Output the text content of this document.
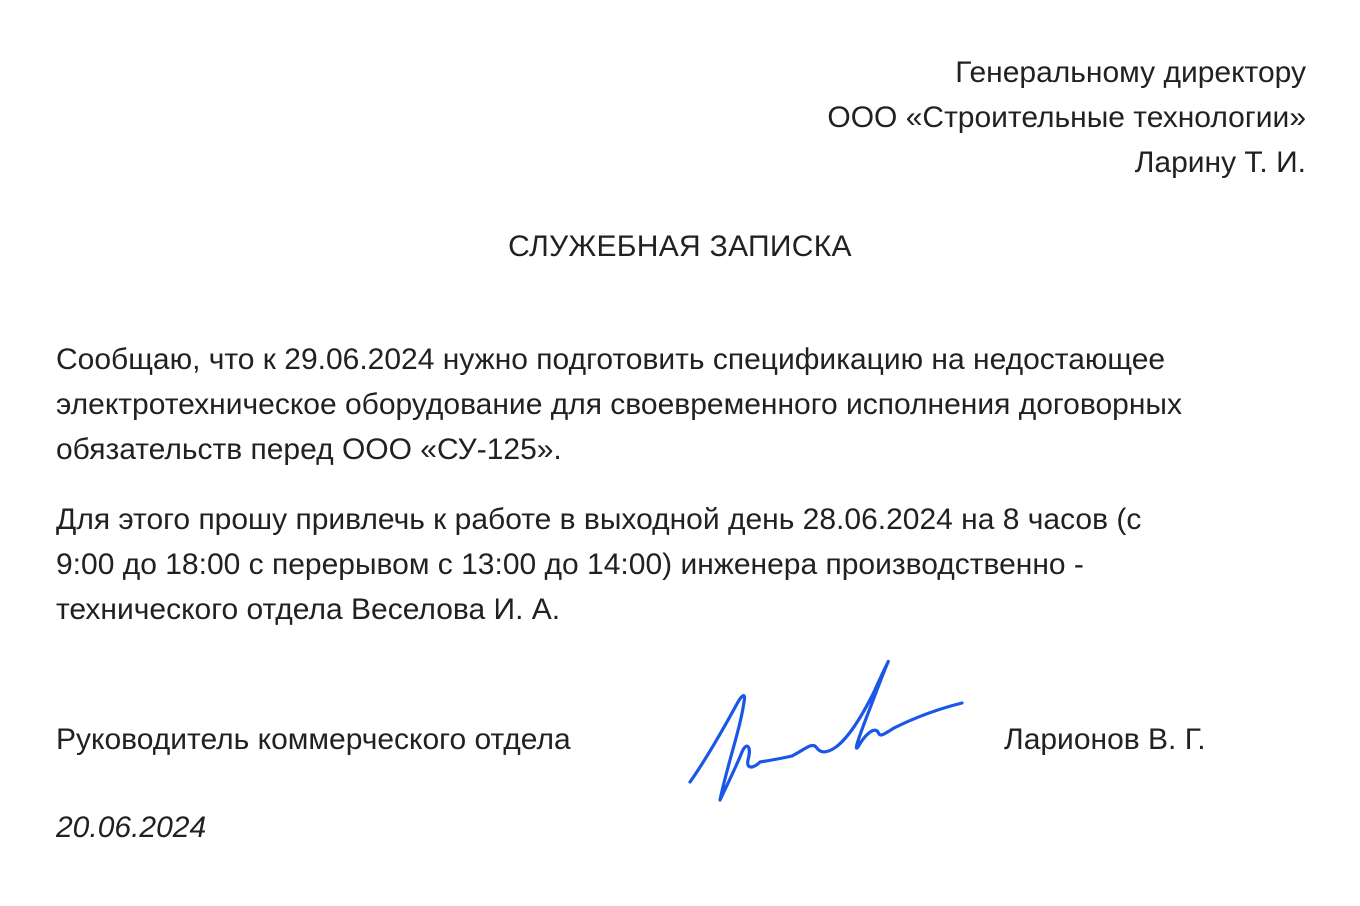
Генеральному директору
ООО «Строительные технологии»
Ларину Т. И.
СЛУЖЕБНАЯ ЗАПИСКА
Сообщаю, что к 29.06.2024 нужно подготовить спецификацию на недостающее
электротехническое оборудование для своевременного исполнения договорных
обязательств перед ООО «СУ-125».
Для этого прошу привлечь к работе в выходной день 28.06.2024 на 8 часов (с
9:00 до 18:00 с перерывом с 13:00 до 14:00) инженера производственно -
технического отдела Веселова И. А.
Руководитель коммерческого отдела	Ларионов В. Г.
20.06.2024
